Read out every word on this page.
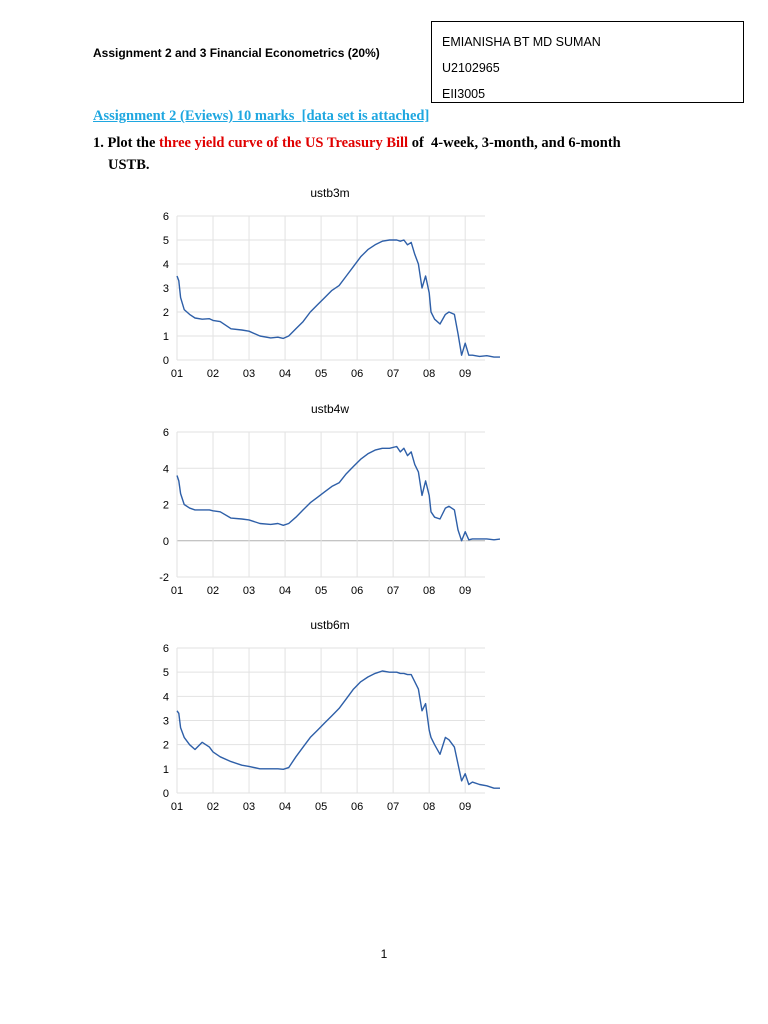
Assignment 2 and 3 Financial Econometrics (20%)
EMIANISHA BT MD SUMAN
U2102965
EII3005
Assignment 2 (Eviews) 10 marks  [data set is attached]
1. Plot the three yield curve of the US Treasury Bill of  4-week, 3-month, and 6-month
USTB.
ustb3m
0
1
2
3
4
5
6
01 02 03 04 05 06 07 08 09
ustb4w
-2
0
2
4
6
01 02 03 04 05 06 07 08 09
ustb6m
0
1
2
3
4
5
6
01 02 03 04 05 06 07 08 09
1
